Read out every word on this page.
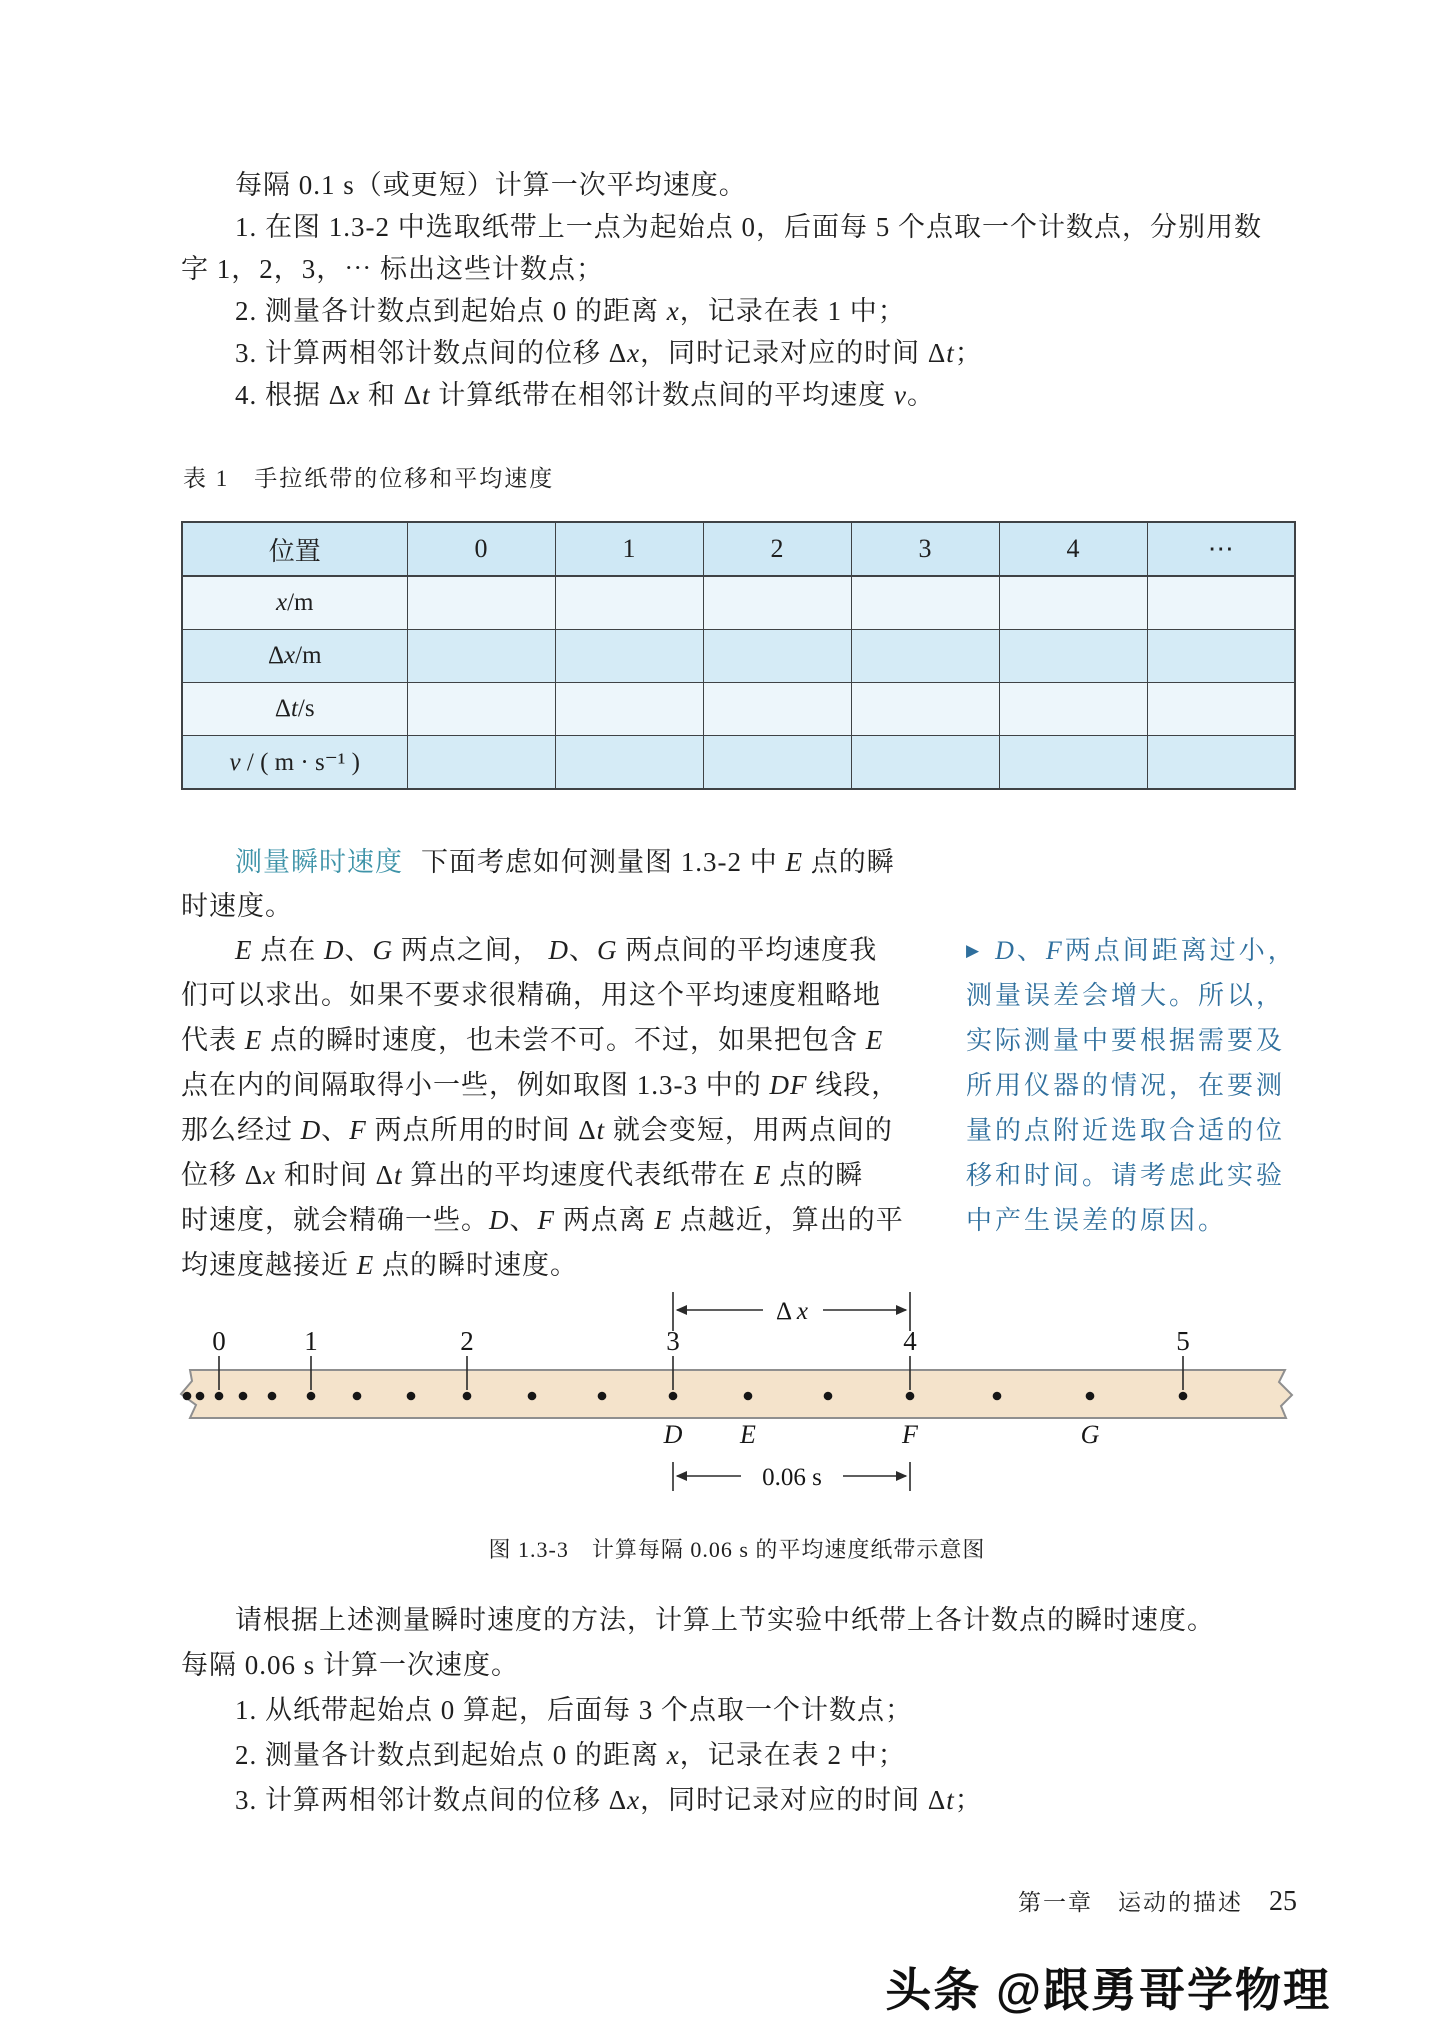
每隔 0.1 s（或更短）计算一次平均速度。
1. 在图 1.3-2 中选取纸带上一点为起始点 0，后面每 5 个点取一个计数点，分别用数
字 1，2，3，⋯ 标出这些计数点；
2. 测量各计数点到起始点 0 的距离 x，记录在表 1 中；
3. 计算两相邻计数点间的位移 Δx，同时记录对应的时间 Δt；
4. 根据 Δx 和 Δt 计算纸带在相邻计数点间的平均速度 v。
表 1　手拉纸带的位移和平均速度
位置	0	1	2	3	4	⋯
x/m						
Δx/m						
Δt/s						
v / ( m · s⁻¹ )						
测量瞬时速度 下面考虑如何测量图 1.3-2 中 E 点的瞬
时速度。
E 点在 D、G 两点之间， D、G 两点间的平均速度我
们可以求出。如果不要求很精确，用这个平均速度粗略地
代表 E 点的瞬时速度，也未尝不可。不过，如果把包含 E
点在内的间隔取得小一些，例如取图 1.3-3 中的 DF 线段，
那么经过 D、F 两点所用的时间 Δt 就会变短，用两点间的
位移 Δx 和时间 Δt 算出的平均速度代表纸带在 E 点的瞬
时速度，就会精确一些。D、F 两点离 E 点越近，算出的平
均速度越接近 E 点的瞬时速度。
▶ D、F两点间距离过小，
测量误差会增大。所以，
实际测量中要根据需要及
所用仪器的情况，在要测
量的点附近选取合适的位
移和时间。请考虑此实验
中产生误差的原因。
0	1	2	3	4	5
D E	F	G
Δ x
0.06 s
图 1.3-3　计算每隔 0.06 s 的平均速度纸带示意图
请根据上述测量瞬时速度的方法，计算上节实验中纸带上各计数点的瞬时速度。
每隔 0.06 s 计算一次速度。
1. 从纸带起始点 0 算起，后面每 3 个点取一个计数点；
2. 测量各计数点到起始点 0 的距离 x，记录在表 2 中；
3. 计算两相邻计数点间的位移 Δx，同时记录对应的时间 Δt；
第一章　运动的描述 25
头条 @跟勇哥学物理
